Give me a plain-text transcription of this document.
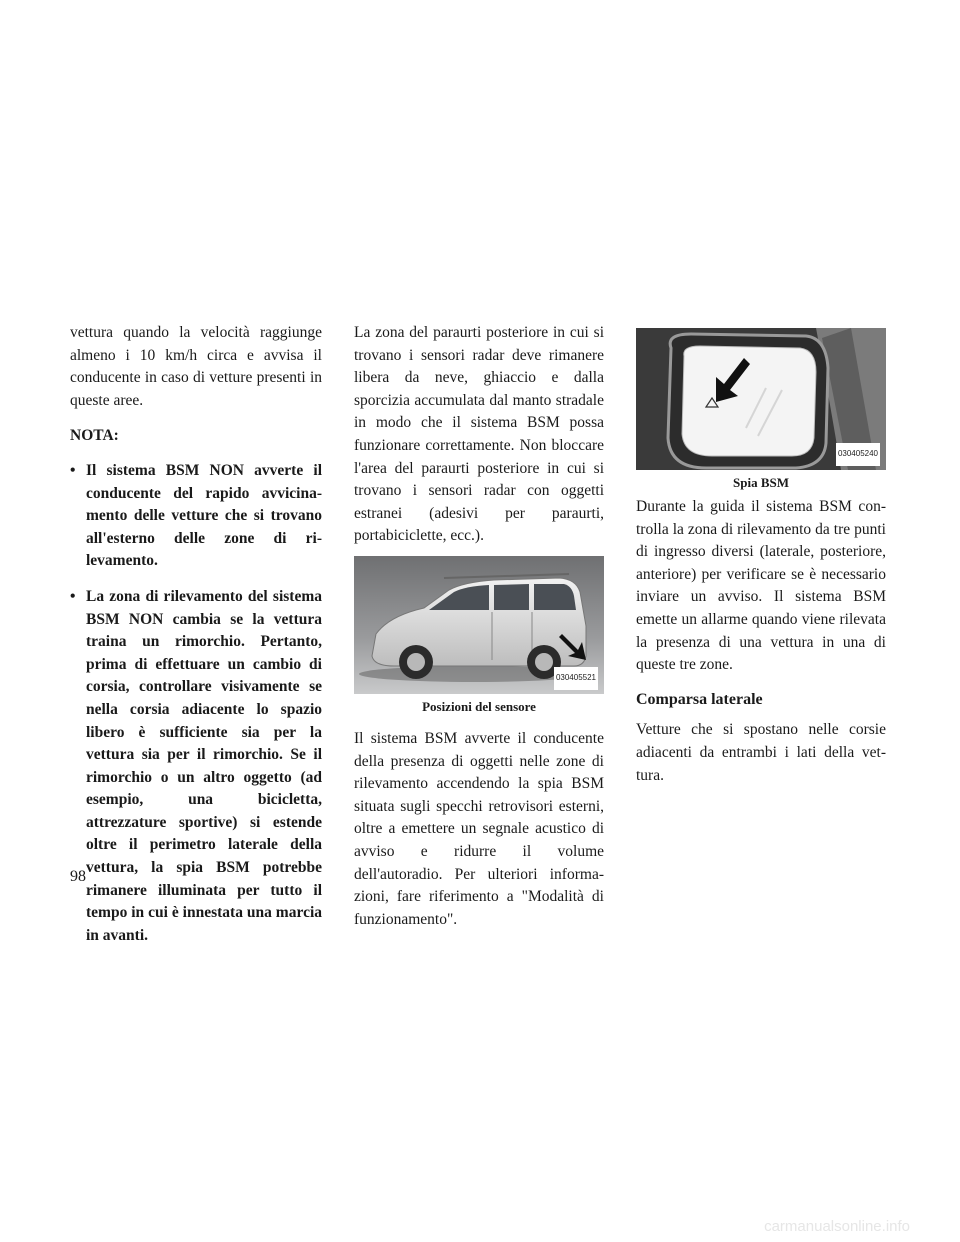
vettura quando la velocità raggiunge almeno i 10 km/h circa e avvisa il conducente in caso di vetture presenti in queste aree.

NOTA:

• Il sistema BSM NON avverte il conducente del rapido avvicinamento delle vetture che si trovano all'esterno delle zone di rilevamento.
• La zona di rilevamento del sistema BSM NON cambia se la vettura traina un rimorchio. Pertanto, prima di effettuare un cambio di corsia, controllare visivamente se nella corsia adiacente lo spazio libero è sufficiente sia per la vettura sia per il rimorchio. Se il rimorchio o un altro oggetto (ad esempio, una bicicletta, attrezzature sportive) si estende oltre il perimetro laterale della vettura, la spia BSM potrebbe rimanere illuminata per tutto il tempo in cui è innestata una marcia in avanti.

La zona del paraurti posteriore in cui si trovano i sensori radar deve rimanere libera da neve, ghiaccio e dalla sporcizia accumulata dal manto stradale in modo che il sistema BSM possa funzionare correttamente. Non bloccare l'area del paraurti posteriore in cui si trovano i sensori radar con oggetti estranei (adesivi per paraurti, portabiciclette, ecc.).

030405521
Posizioni del sensore

Il sistema BSM avverte il conducente della presenza di oggetti nelle zone di rilevamento accendendo la spia BSM situata sugli specchi retrovisori esterni, oltre a emettere un segnale acustico di avviso e ridurre il volume dell'autoradio. Per ulteriori informazioni, fare riferimento a "Modalità di funzionamento".

030405240
Spia BSM

Durante la guida il sistema BSM controlla la zona di rilevamento da tre punti di ingresso diversi (laterale, posteriore, anteriore) per verificare se è necessario inviare un avviso. Il sistema BSM emette un allarme quando viene rilevata la presenza di una vettura in una di queste tre zone.

Comparsa laterale

Vetture che si spostano nelle corsie adiacenti da entrambi i lati della vettura.

98
carmanualsonline.info
